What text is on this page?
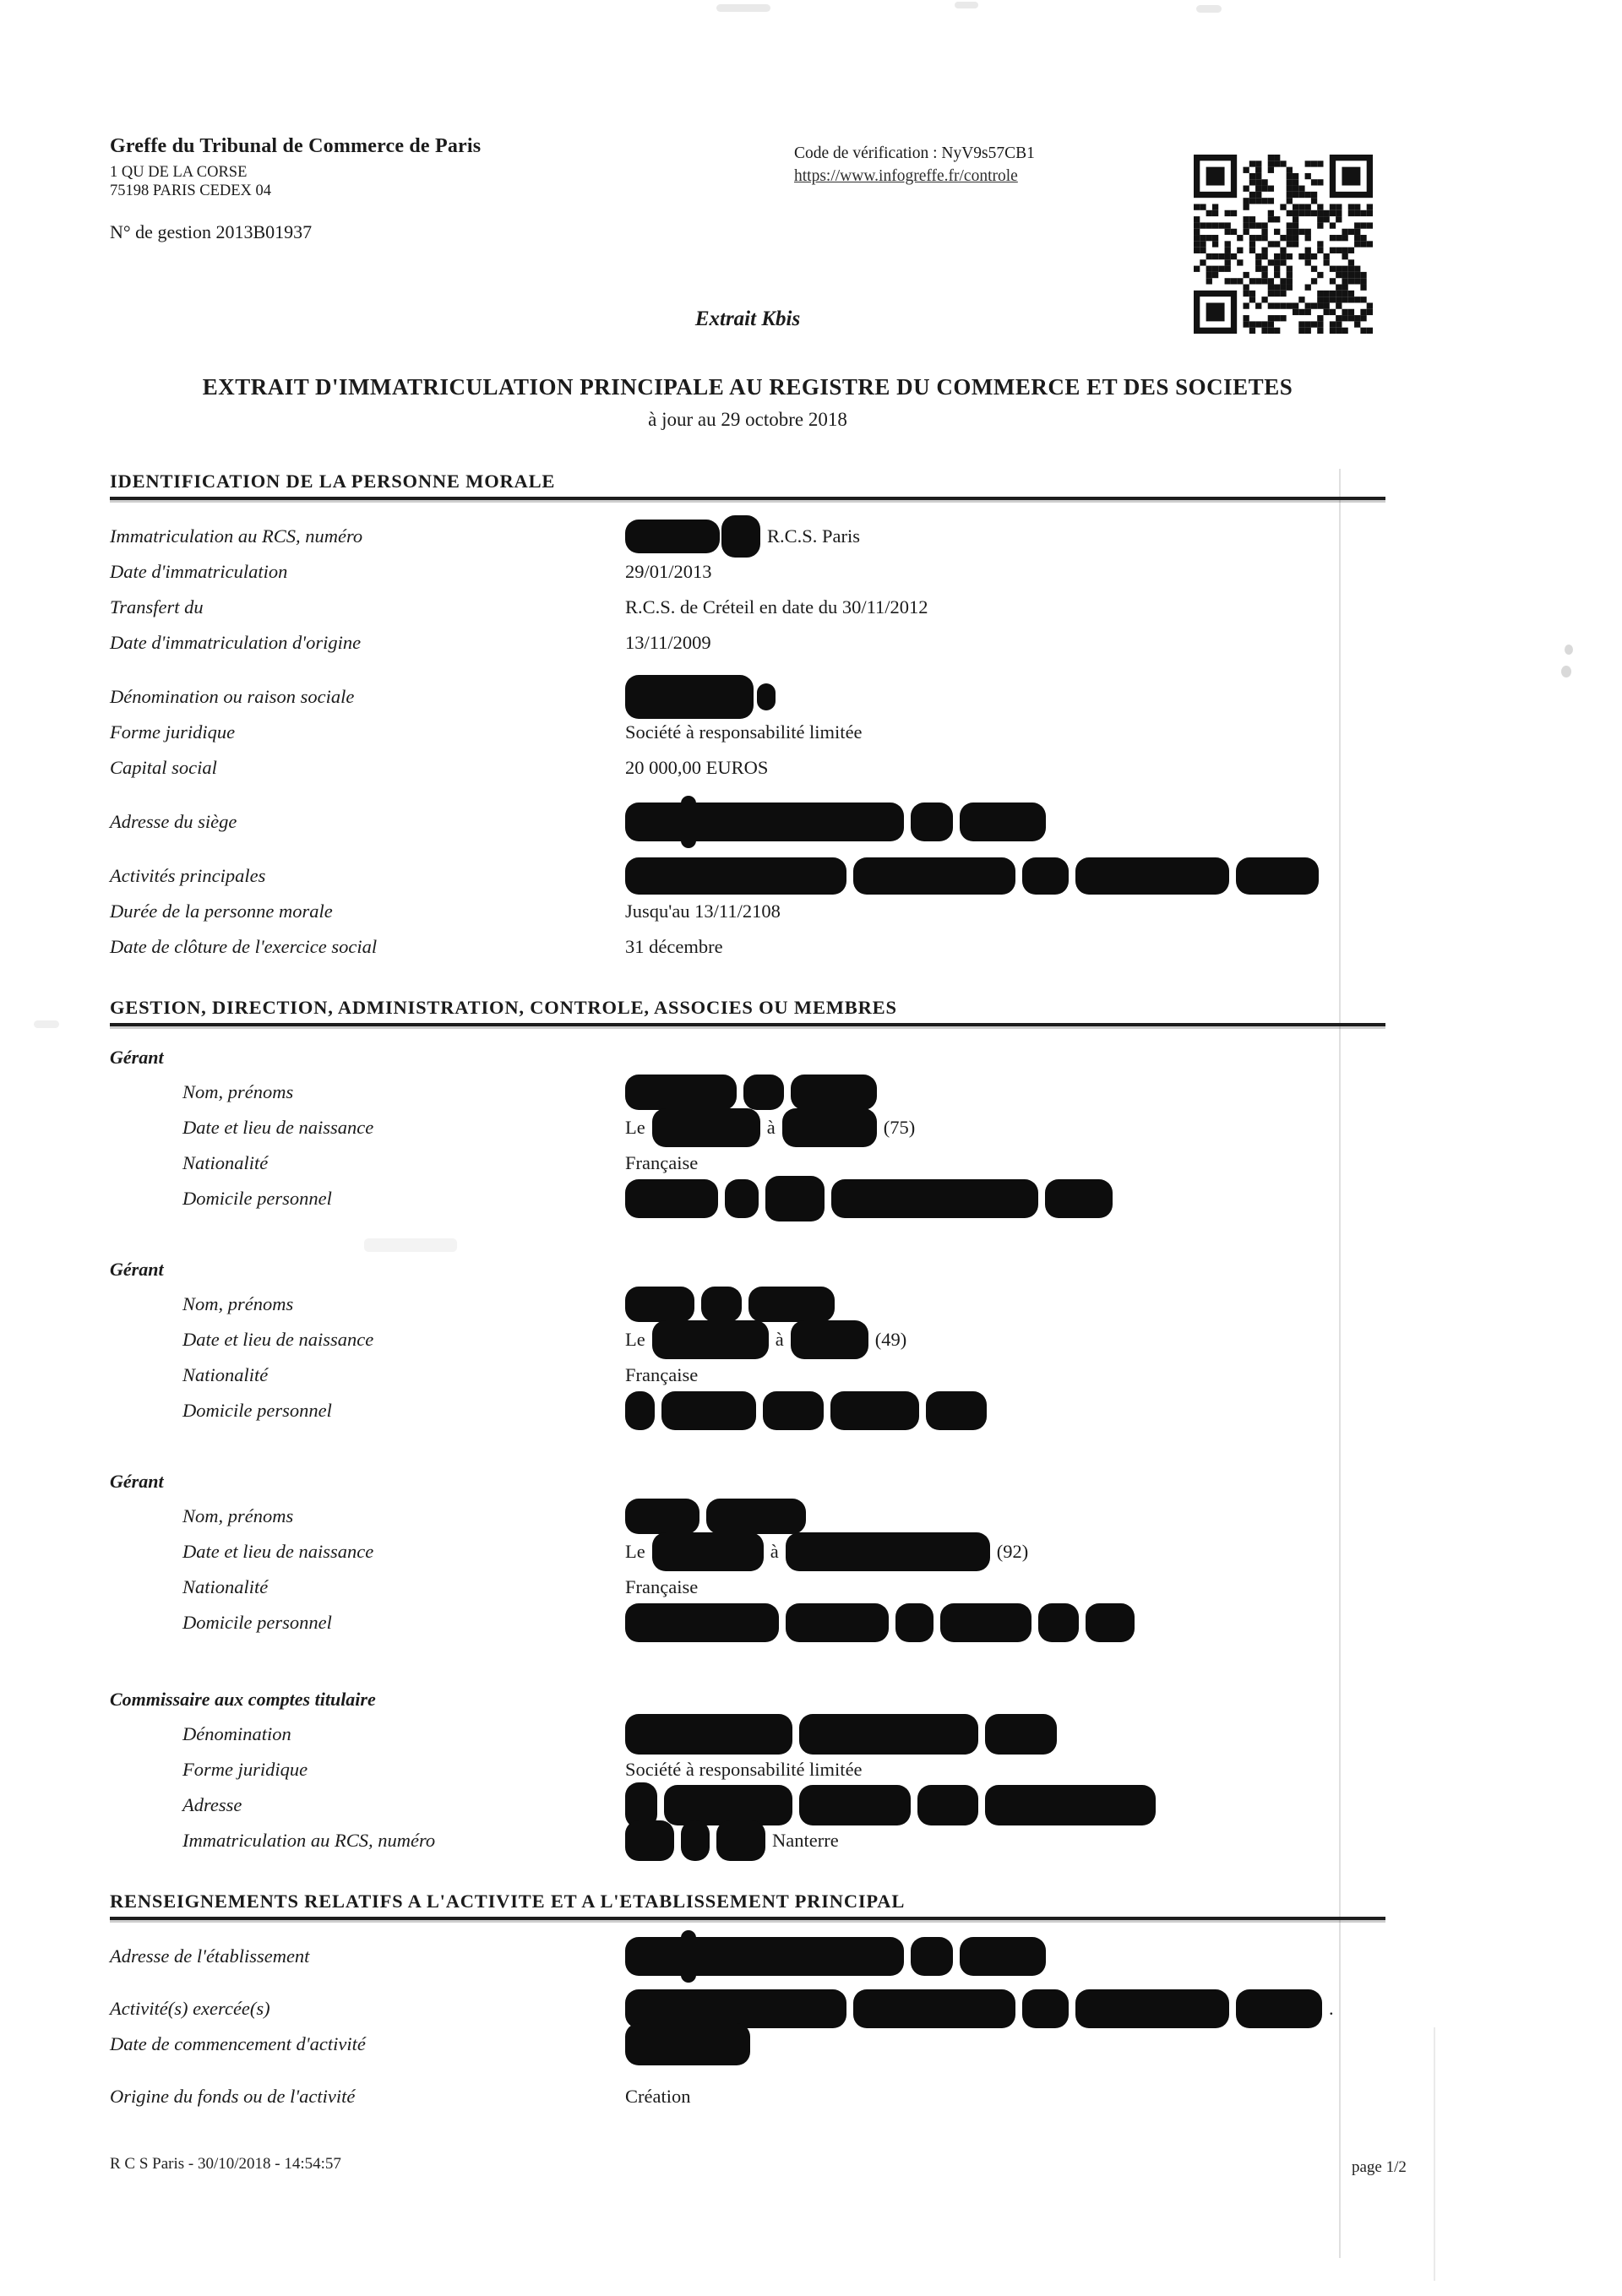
Greffe du Tribunal de Commerce de Paris
1 QU DE LA CORSE
75198 PARIS CEDEX 04
N° de gestion 2013B01937
Code de vérification : NyV9s57CB1
https://www.infogreffe.fr/controle
Extrait Kbis
EXTRAIT D'IMMATRICULATION PRINCIPALE AU REGISTRE DU COMMERCE ET DES SOCIETES
à jour au 29 octobre 2018
IDENTIFICATION DE LA PERSONNE MORALE
Immatriculation au RCS, numéro	R.C.S. Paris
Date d'immatriculation	29/01/2013
Transfert du	R.C.S. de Créteil en date du 30/11/2012
Date d'immatriculation d'origine	13/11/2009
Dénomination ou raison sociale
Forme juridique	Société à responsabilité limitée
Capital social	20 000,00 EUROS
Adresse du siège
Activités principales
Durée de la personne morale	Jusqu'au 13/11/2108
Date de clôture de l'exercice social	31 décembre
GESTION, DIRECTION, ADMINISTRATION, CONTROLE, ASSOCIES OU MEMBRES
Gérant
Nom, prénoms
Date et lieu de naissance	Le	à	(75)
Nationalité	Française
Domicile personnel
Gérant
Nom, prénoms
Date et lieu de naissance	Le	à	(49)
Nationalité	Française
Domicile personnel
Gérant
Nom, prénoms
Date et lieu de naissance	Le	à	(92)
Nationalité	Française
Domicile personnel
Commissaire aux comptes titulaire
Dénomination
Forme juridique	Société à responsabilité limitée
Adresse
Immatriculation au RCS, numéro	Nanterre
RENSEIGNEMENTS RELATIFS A L'ACTIVITE ET A L'ETABLISSEMENT PRINCIPAL
Adresse de l'établissement
Activité(s) exercée(s)	.
Date de commencement d'activité
Origine du fonds ou de l'activité	Création
R C S Paris - 30/10/2018 - 14:54:57	page 1/2
